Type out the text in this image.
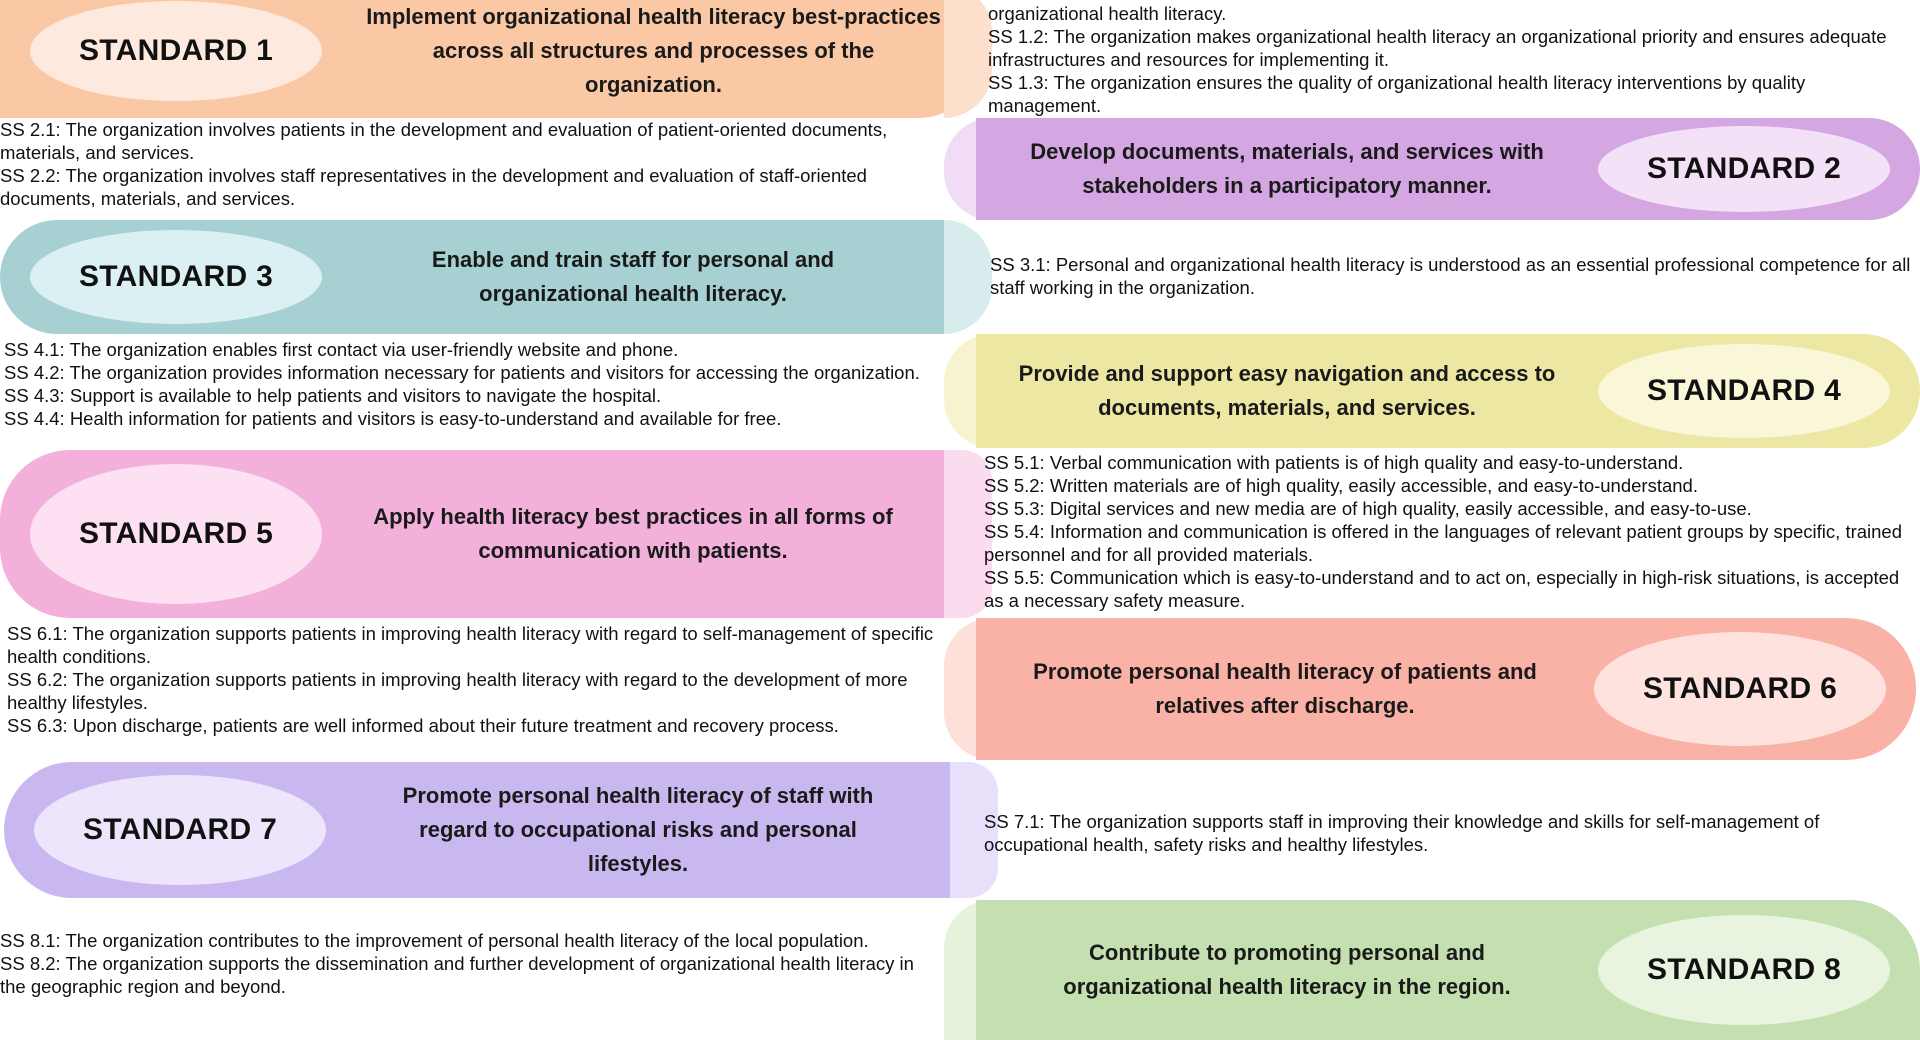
STANDARD 1
Implement organizational health literacy best-practices across all structures and processes of the organization.
organizational health literacy.
SS 1.2: The organization makes organizational health literacy an organizational priority and ensures adequate infrastructures and resources for implementing it.
SS 1.3: The organization ensures the quality of organizational health literacy interventions by quality management.
STANDARD 2
Develop documents, materials, and services with stakeholders in a participatory manner.
SS 2.1: The organization involves patients in the development and evaluation of patient-oriented documents, materials, and services.
SS 2.2: The organization involves staff representatives in the development and evaluation of staff-oriented documents, materials, and services.
STANDARD 3
Enable and train staff for personal and organizational health literacy.
SS 3.1: Personal and organizational health literacy is understood as an essential professional competence for all staff working in the organization.
STANDARD 4
Provide and support easy navigation and access to documents, materials, and services.
SS 4.1: The organization enables first contact via user-friendly website and phone.
SS 4.2: The organization provides information necessary for patients and visitors for accessing the organization.
SS 4.3: Support is available to help patients and visitors to navigate the hospital.
SS 4.4: Health information for patients and visitors is easy-to-understand and available for free.
STANDARD 5
Apply health literacy best practices in all forms of communication with patients.
SS 5.1: Verbal communication with patients is of high quality and easy-to-understand.
SS 5.2: Written materials are of high quality, easily accessible, and easy-to-understand.
SS 5.3: Digital services and new media are of high quality, easily accessible, and easy-to-use.
SS 5.4: Information and communication is offered in the languages of relevant patient groups by specific, trained personnel and for all provided materials.
SS 5.5: Communication which is easy-to-understand and to act on, especially in high-risk situations, is accepted as a necessary safety measure.
STANDARD 6
Promote personal health literacy of patients and relatives after discharge.
SS 6.1: The organization supports patients in improving health literacy with regard to self-management of specific health conditions.
SS 6.2: The organization supports patients in improving health literacy with regard to the development of more healthy lifestyles.
SS 6.3: Upon discharge, patients are well informed about their future treatment and recovery process.
STANDARD 7
Promote personal health literacy of staff with regard to occupational risks and personal lifestyles.
SS 7.1: The organization supports staff in improving their knowledge and skills for self-management of occupational health, safety risks and healthy lifestyles.
STANDARD 8
Contribute to promoting personal and organizational health literacy in the region.
SS 8.1: The organization contributes to the improvement of personal health literacy of the local population.
SS 8.2: The organization supports the dissemination and further development of organizational health literacy in the geographic region and beyond.
